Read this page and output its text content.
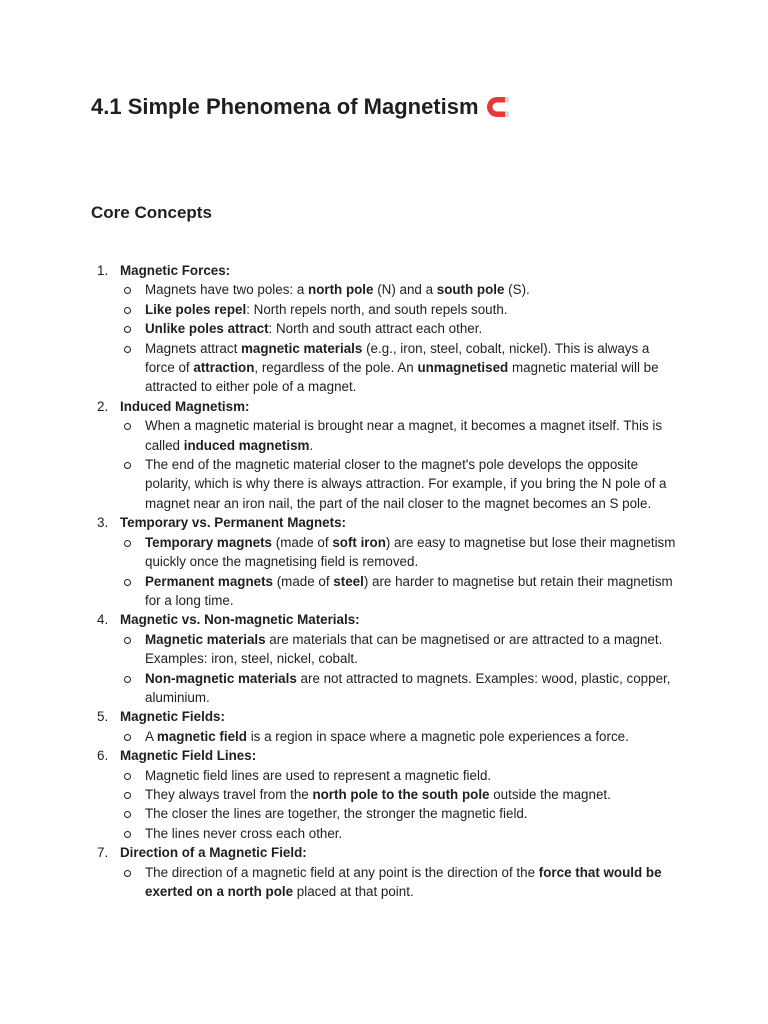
4.1 Simple Phenomena of Magnetism
Core Concepts
1. Magnetic Forces:
Magnets have two poles: a north pole (N) and a south pole (S).
Like poles repel: North repels north, and south repels south.
Unlike poles attract: North and south attract each other.
Magnets attract magnetic materials (e.g., iron, steel, cobalt, nickel). This is always a force of attraction, regardless of the pole. An unmagnetised magnetic material will be attracted to either pole of a magnet.
2. Induced Magnetism:
When a magnetic material is brought near a magnet, it becomes a magnet itself. This is called induced magnetism.
The end of the magnetic material closer to the magnet's pole develops the opposite polarity, which is why there is always attraction. For example, if you bring the N pole of a magnet near an iron nail, the part of the nail closer to the magnet becomes an S pole.
3. Temporary vs. Permanent Magnets:
Temporary magnets (made of soft iron) are easy to magnetise but lose their magnetism quickly once the magnetising field is removed.
Permanent magnets (made of steel) are harder to magnetise but retain their magnetism for a long time.
4. Magnetic vs. Non-magnetic Materials:
Magnetic materials are materials that can be magnetised or are attracted to a magnet. Examples: iron, steel, nickel, cobalt.
Non-magnetic materials are not attracted to magnets. Examples: wood, plastic, copper, aluminium.
5. Magnetic Fields:
A magnetic field is a region in space where a magnetic pole experiences a force.
6. Magnetic Field Lines:
Magnetic field lines are used to represent a magnetic field.
They always travel from the north pole to the south pole outside the magnet.
The closer the lines are together, the stronger the magnetic field.
The lines never cross each other.
7. Direction of a Magnetic Field:
The direction of a magnetic field at any point is the direction of the force that would be exerted on a north pole placed at that point.
